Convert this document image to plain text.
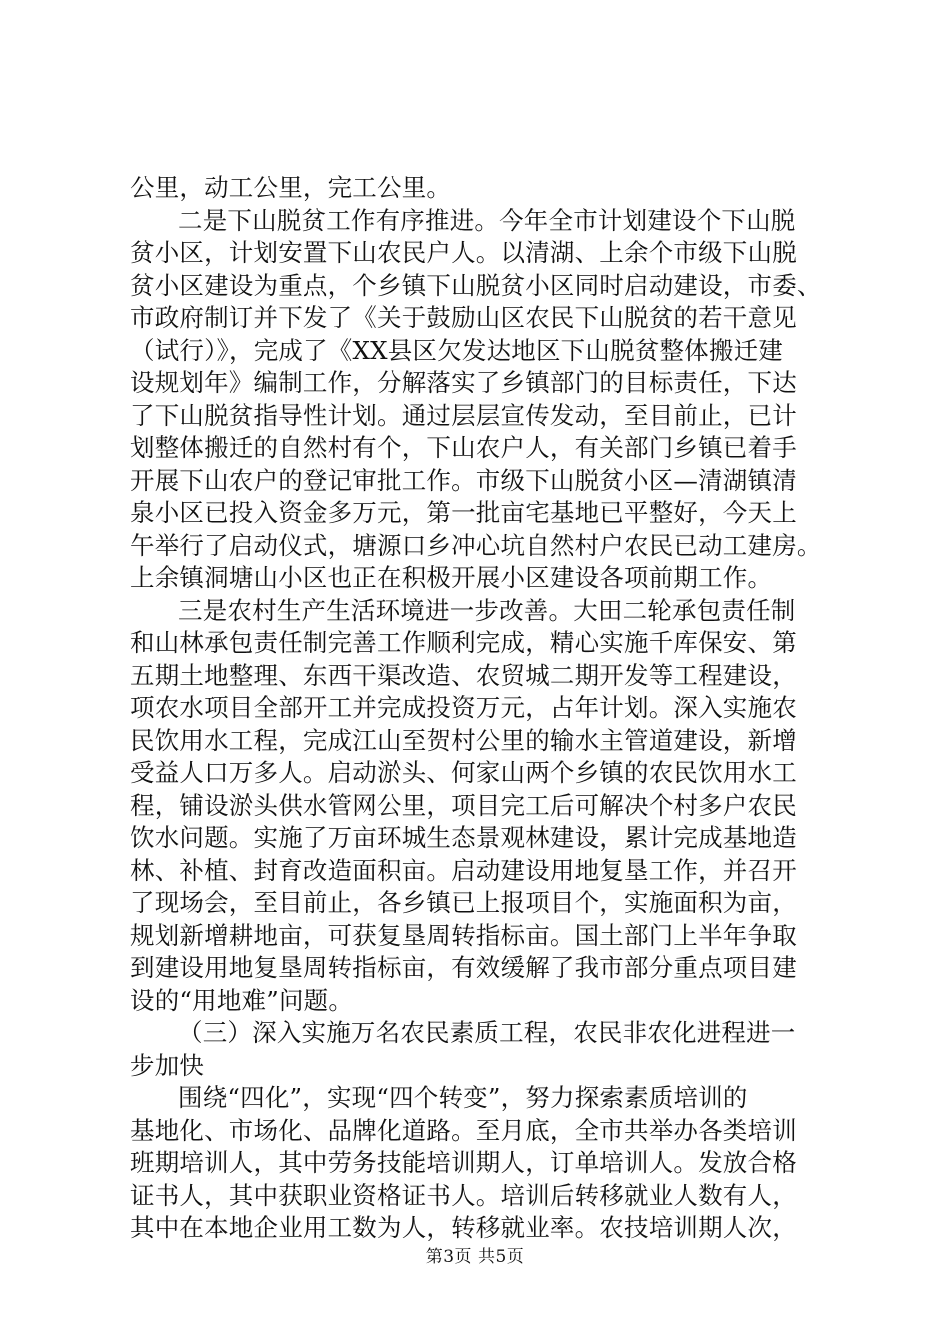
公里，动工公里，完工公里。
二是下山脱贫工作有序推进。今年全市计划建设个下山脱
贫小区，计划安置下山农民户人。以清湖、上余个市级下山脱
贫小区建设为重点，个乡镇下山脱贫小区同时启动建设，市委、
市政府制订并下发了《关于鼓励山区农民下山脱贫的若干意见
（试行）》，完成了《XX县区欠发达地区下山脱贫整体搬迁建
设规划年》编制工作，分解落实了乡镇部门的目标责任，下达
了下山脱贫指导性计划。通过层层宣传发动，至目前止，已计
划整体搬迁的自然村有个，下山农户人，有关部门乡镇已着手
开展下山农户的登记审批工作。市级下山脱贫小区—清湖镇清
泉小区已投入资金多万元，第一批亩宅基地已平整好，今天上
午举行了启动仪式，塘源口乡冲心坑自然村户农民已动工建房。
上余镇洞塘山小区也正在积极开展小区建设各项前期工作。
三是农村生产生活环境进一步改善。大田二轮承包责任制
和山林承包责任制完善工作顺利完成，精心实施千库保安、第
五期土地整理、东西干渠改造、农贸城二期开发等工程建设，
项农水项目全部开工并完成投资万元，占年计划。深入实施农
民饮用水工程，完成江山至贺村公里的输水主管道建设，新增
受益人口万多人。启动淤头、何家山两个乡镇的农民饮用水工
程，铺设淤头供水管网公里，项目完工后可解决个村多户农民
饮水问题。实施了万亩环城生态景观林建设，累计完成基地造
林、补植、封育改造面积亩。启动建设用地复垦工作，并召开
了现场会，至目前止，各乡镇已上报项目个，实施面积为亩，
规划新增耕地亩，可获复垦周转指标亩。国土部门上半年争取
到建设用地复垦周转指标亩，有效缓解了我市部分重点项目建
设的“用地难”问题。
（三）深入实施万名农民素质工程，农民非农化进程进一
步加快
围绕“四化”，实现“四个转变”，努力探索素质培训的
基地化、市场化、品牌化道路。至月底，全市共举办各类培训
班期培训人，其中劳务技能培训期人，订单培训人。发放合格
证书人，其中获职业资格证书人。培训后转移就业人数有人，
其中在本地企业用工数为人，转移就业率。农技培训期人次，
第3页 共5页
